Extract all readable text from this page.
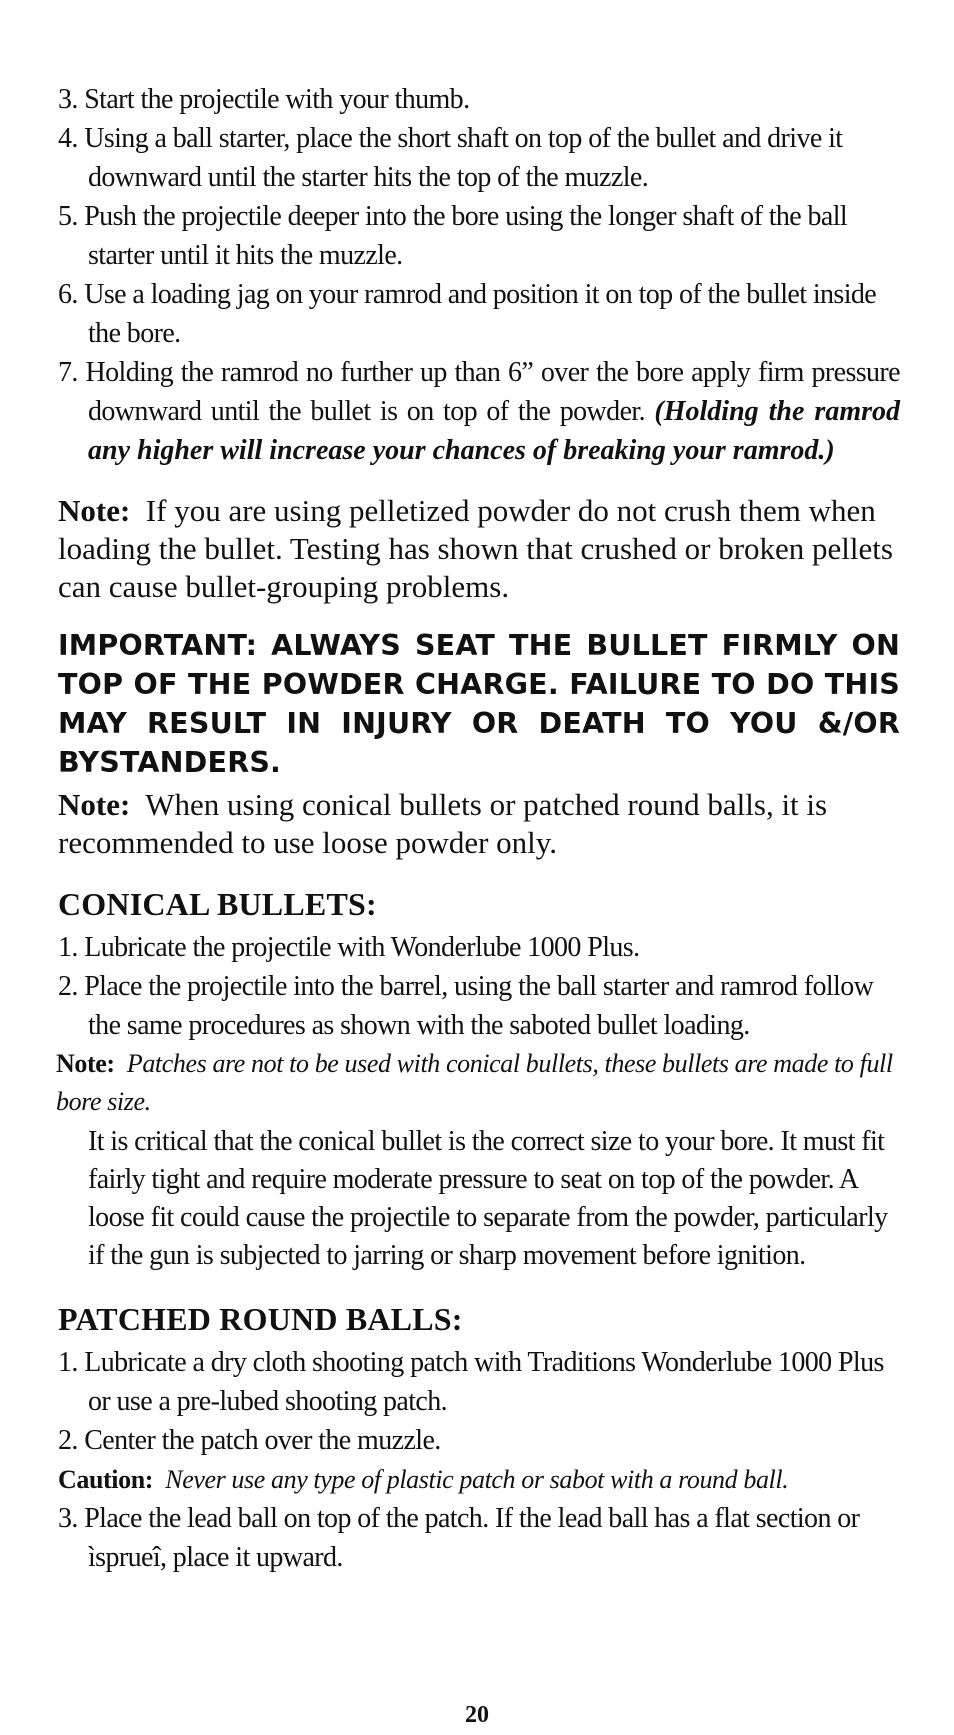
3. Start the projectile with your thumb.
4. Using a ball starter, place the short shaft on top of the bullet and drive it downward until the starter hits the top of the muzzle.
5. Push the projectile deeper into the bore using the longer shaft of the ball starter until it hits the muzzle.
6. Use a loading jag on your ramrod and position it on top of the bullet inside the bore.
7. Holding the ramrod no further up than 6” over the bore apply firm pressure downward until the bullet is on top of the powder. (Holding the ramrod any higher will increase your chances of breaking your ramrod.)

Note: If you are using pelletized powder do not crush them when loading the bullet. Testing has shown that crushed or broken pellets can cause bullet-grouping problems.

IMPORTANT: ALWAYS SEAT THE BULLET FIRMLY ON TOP OF THE POWDER CHARGE. FAILURE TO DO THIS MAY RESULT IN INJURY OR DEATH TO YOU &/OR BYSTANDERS.

Note: When using conical bullets or patched round balls, it is recommended to use loose powder only.

CONICAL BULLETS:
1. Lubricate the projectile with Wonderlube 1000 Plus.
2. Place the projectile into the barrel, using the ball starter and ramrod follow the same procedures as shown with the saboted bullet loading.

Note: Patches are not to be used with conical bullets, these bullets are made to full bore size.

It is critical that the conical bullet is the correct size to your bore. It must fit fairly tight and require moderate pressure to seat on top of the powder. A loose fit could cause the projectile to separate from the powder, particularly if the gun is subjected to jarring or sharp movement before ignition.

PATCHED ROUND BALLS:
1. Lubricate a dry cloth shooting patch with Traditions Wonderlube 1000 Plus or use a pre-lubed shooting patch.
2. Center the patch over the muzzle.

Caution: Never use any type of plastic patch or sabot with a round ball.

3. Place the lead ball on top of the patch. If the lead ball has a flat section or ìsprueî, place it upward.
20
